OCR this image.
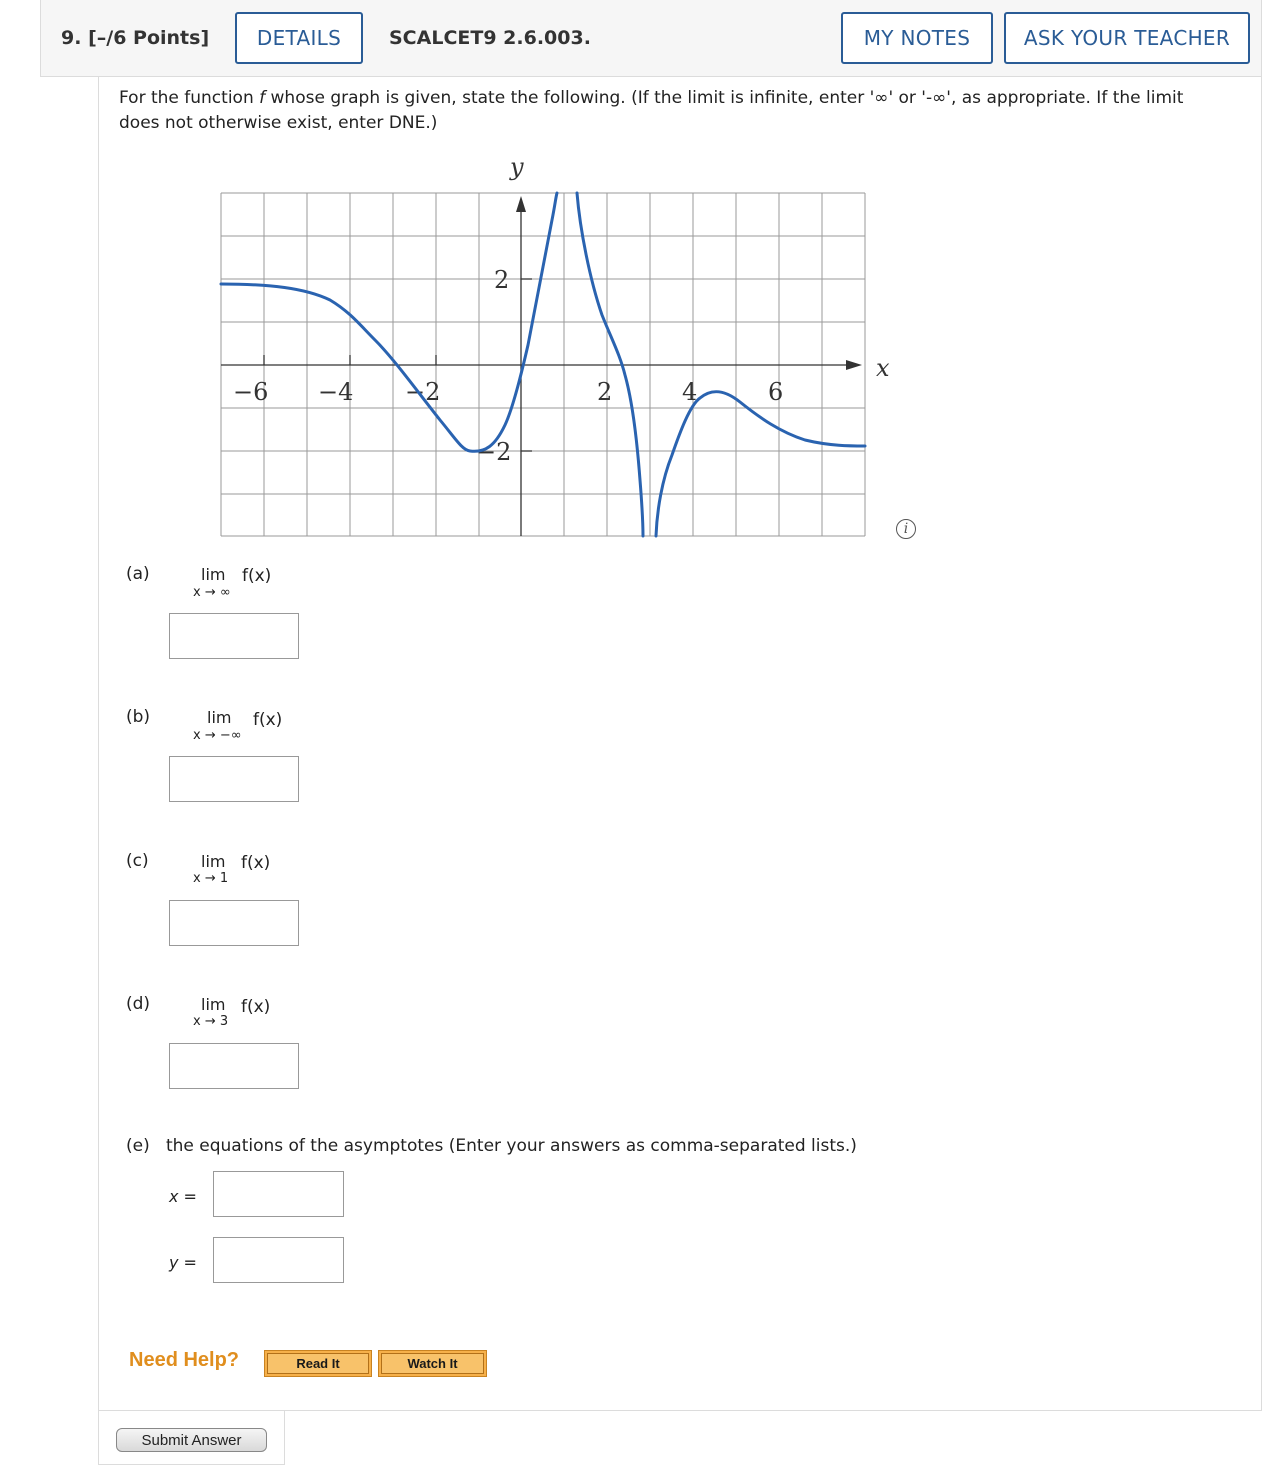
9. [–/6 Points]	DETAILS	SCALCET9 2.6.003.	MY NOTES	ASK YOUR TEACHER

For the function f whose graph is given, state the following. (If the limit is infinite, enter '∞' or '-∞', as appropriate. If the limit does not otherwise exist, enter DNE.)

x
y
−6 −4 −2	2	4	6
2
−2
i
(a)	lim
x → ∞
f(x)
(b)	lim
x → −∞
f(x)
(c)	lim
x → 1
f(x)
(d)	lim
x → 3
f(x)
(e) the equations of the asymptotes (Enter your answers as comma-separated lists.)
x =
y =
Need Help?	Read It	Watch It
Submit Answer
